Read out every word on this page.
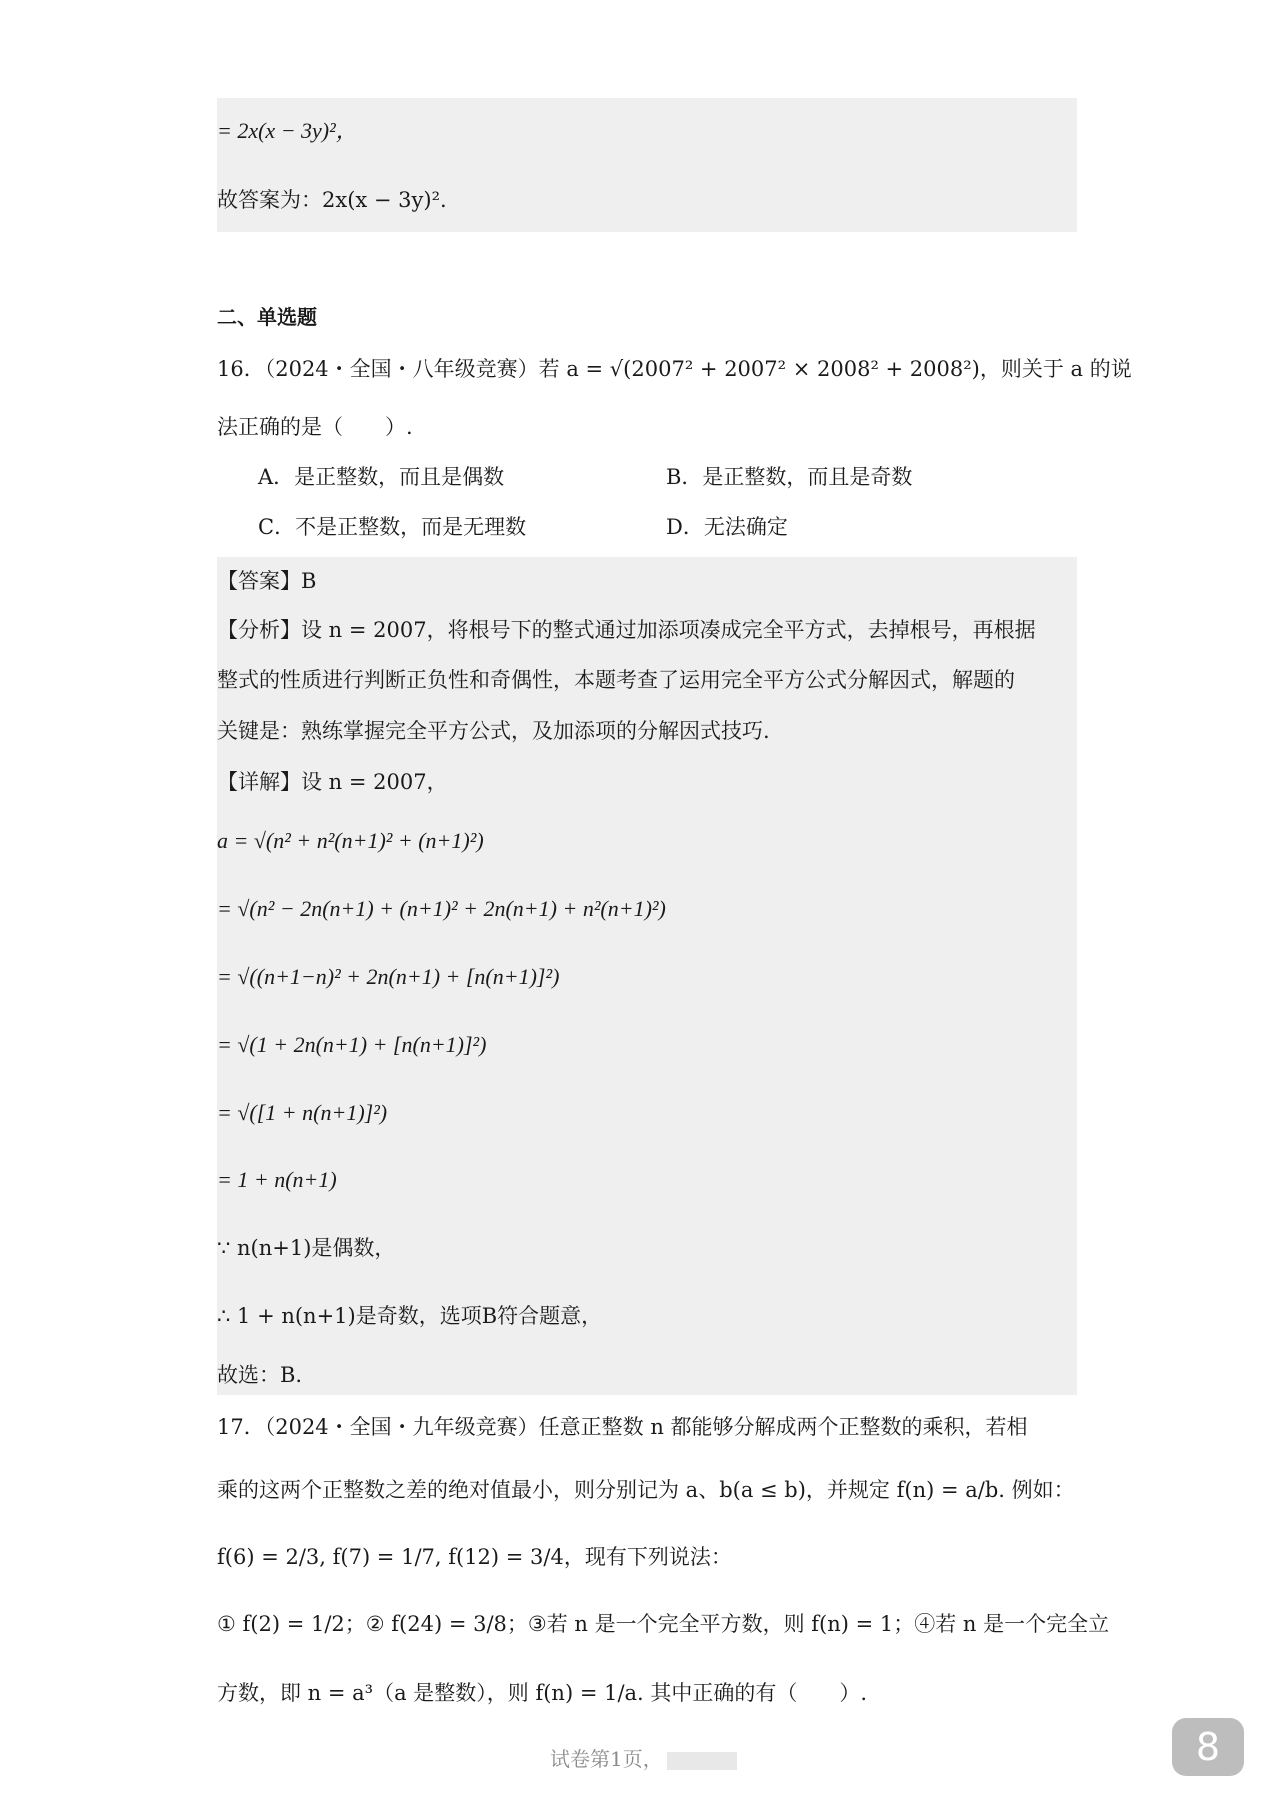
= 2x(x − 3y)²，
故答案为：2x(x − 3y)².
二、单选题
16．（2024・全国・八年级竞赛）若 a = √(2007² + 2007² × 2008² + 2008²)，则关于 a 的说
法正确的是（　　）.
A．是正整数，而且是偶数	B．是正整数，而且是奇数
C．不是正整数，而是无理数	D．无法确定
【答案】B
【分析】设 n = 2007，将根号下的整式通过加添项凑成完全平方式，去掉根号，再根据
整式的性质进行判断正负性和奇偶性，本题考查了运用完全平方公式分解因式，解题的
关键是：熟练掌握完全平方公式，及加添项的分解因式技巧.
【详解】设 n = 2007，
a = √(n² + n²(n+1)² + (n+1)²)
= √(n² − 2n(n+1) + (n+1)² + 2n(n+1) + n²(n+1)²)
= √((n+1−n)² + 2n(n+1) + [n(n+1)]²)
= √(1 + 2n(n+1) + [n(n+1)]²)
= √([1 + n(n+1)]²)
= 1 + n(n+1)
∵ n(n+1)是偶数，
∴ 1 + n(n+1)是奇数，选项B符合题意，
故选：B.
17．（2024・全国・九年级竞赛）任意正整数 n 都能够分解成两个正整数的乘积，若相
乘的这两个正整数之差的绝对值最小，则分别记为 a、b(a ≤ b)，并规定 f(n) = a/b. 例如：
f(6) = 2/3, f(7) = 1/7, f(12) = 3/4，现有下列说法：
① f(2) = 1/2；② f(24) = 3/8；③若 n 是一个完全平方数，则 f(n) = 1；④若 n 是一个完全立
方数，即 n = a³（a 是整数），则 f(n) = 1/a. 其中正确的有（　　）.
试卷第1页，	8
